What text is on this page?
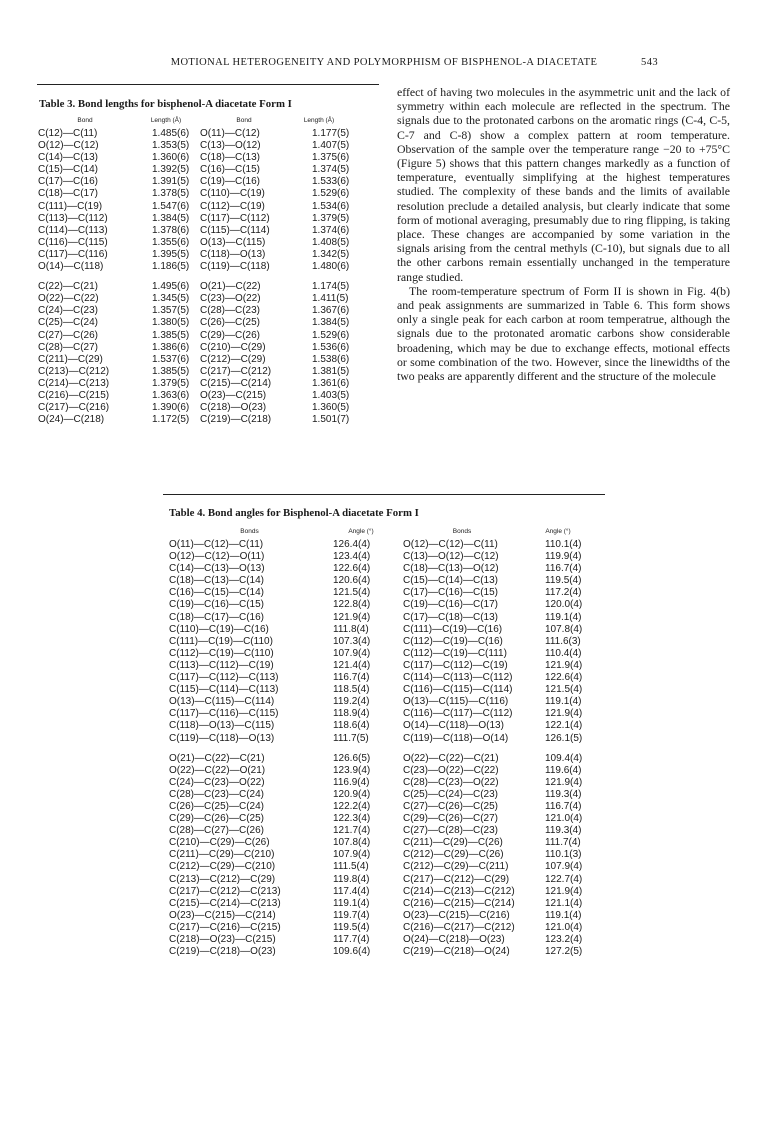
MOTIONAL HETEROGENEITY AND POLYMORPHISM OF BISPHENOL-A DIACETATE	543
Table 3. Bond lengths for bisphenol-A diacetate Form I
Bond	Length (Å)	Bond	Length (Å)
C(12)—C(11)	1.485(6)	O(11)—C(12)	1.177(5)
O(12)—C(12)	1.353(5)	C(13)—O(12)	1.407(5)
C(14)—C(13)	1.360(6)	C(18)—C(13)	1.375(6)
C(15)—C(14)	1.392(5)	C(16)—C(15)	1.374(5)
C(17)—C(16)	1.391(5)	C(19)—C(16)	1.533(6)
C(18)—C(17)	1.378(5)	C(110)—C(19)	1.529(6)
C(111)—C(19)	1.547(6)	C(112)—C(19)	1.534(6)
C(113)—C(112)	1.384(5)	C(117)—C(112)	1.379(5)
C(114)—C(113)	1.378(6)	C(115)—C(114)	1.374(6)
C(116)—C(115)	1.355(6)	O(13)—C(115)	1.408(5)
C(117)—C(116)	1.395(5)	C(118)—O(13)	1.342(5)
O(14)—C(118)	1.186(5)	C(119)—C(118)	1.480(6)
C(22)—C(21)	1.495(6)	O(21)—C(22)	1.174(5)
O(22)—C(22)	1.345(5)	C(23)—O(22)	1.411(5)
C(24)—C(23)	1.357(5)	C(28)—C(23)	1.367(6)
C(25)—C(24)	1.380(5)	C(26)—C(25)	1.384(5)
C(27)—C(26)	1.385(5)	C(29)—C(26)	1.529(6)
C(28)—C(27)	1.386(6)	C(210)—C(29)	1.536(6)
C(211)—C(29)	1.537(6)	C(212)—C(29)	1.538(6)
C(213)—C(212)	1.385(5)	C(217)—C(212)	1.381(5)
C(214)—C(213)	1.379(5)	C(215)—C(214)	1.361(6)
C(216)—C(215)	1.363(6)	O(23)—C(215)	1.403(5)
C(217)—C(216)	1.390(6)	C(218)—O(23)	1.360(5)
O(24)—C(218)	1.172(5)	C(219)—C(218)	1.501(7)

effect of having two molecules in the asymmetric unit and the lack of symmetry within each molecule are reflected in the spectrum. The signals due to the protonated carbons on the aromatic rings (C-4, C-5, C-7 and C-8) show a complex pattern at room temperature. Observation of the sample over the temperature range −20 to +75°C (Figure 5) shows that this pattern changes markedly as a function of temperature, eventually simplifying at the highest temperatures studied. The complexity of these bands and the limits of available resolution preclude a detailed analysis, but clearly indicate that some form of motional averaging, presumably due to ring flipping, is taking place. These changes are accompanied by some variation in the signals arising from the central methyls (C-10), but signals due to all the other carbons remain essentially unchanged in the temperature range studied.

The room-temperature spectrum of Form II is shown in Fig. 4(b) and peak assignments are summarized in Table 6. This form shows only a single peak for each carbon at room temperatrue, although the signals due to the protonated aromatic carbons show considerable broadening, which may be due to exchange effects, motional effects or some combination of the two. However, since the linewidths of the two peaks are apparently different and the structure of the molecule

Table 4. Bond angles for Bisphenol-A diacetate Form I
Bonds	Angle (°)	Bonds	Angle (°)
O(11)—C(12)—C(11)	126.4(4)	O(12)—C(12)—C(11)	110.1(4)
O(12)—C(12)—O(11)	123.4(4)	C(13)—O(12)—C(12)	119.9(4)
C(14)—C(13)—O(13)	122.6(4)	C(18)—C(13)—O(12)	116.7(4)
C(18)—C(13)—C(14)	120.6(4)	C(15)—C(14)—C(13)	119.5(4)
C(16)—C(15)—C(14)	121.5(4)	C(17)—C(16)—C(15)	117.2(4)
C(19)—C(16)—C(15)	122.8(4)	C(19)—C(16)—C(17)	120.0(4)
C(18)—C(17)—C(16)	121.9(4)	C(17)—C(18)—C(13)	119.1(4)
C(110)—C(19)—C(16)	111.8(4)	C(111)—C(19)—C(16)	107.8(4)
C(111)—C(19)—C(110)	107.3(4)	C(112)—C(19)—C(16)	111.6(3)
C(112)—C(19)—C(110)	107.9(4)	C(112)—C(19)—C(111)	110.4(4)
C(113)—C(112)—C(19)	121.4(4)	C(117)—C(112)—C(19)	121.9(4)
C(117)—C(112)—C(113)	116.7(4)	C(114)—C(113)—C(112)	122.6(4)
C(115)—C(114)—C(113)	118.5(4)	C(116)—C(115)—C(114)	121.5(4)
O(13)—C(115)—C(114)	119.2(4)	O(13)—C(115)—C(116)	119.1(4)
C(117)—C(116)—C(115)	118.9(4)	C(116)—C(117)—C(112)	121.9(4)
C(118)—O(13)—C(115)	118.6(4)	O(14)—C(118)—O(13)	122.1(4)
C(119)—C(118)—O(13)	111.7(5)	C(119)—C(118)—O(14)	126.1(5)
O(21)—C(22)—C(21)	126.6(5)	O(22)—C(22)—C(21)	109.4(4)
O(22)—C(22)—O(21)	123.9(4)	C(23)—O(22)—C(22)	119.6(4)
C(24)—C(23)—O(22)	116.9(4)	C(28)—C(23)—O(22)	121.9(4)
C(28)—C(23)—C(24)	120.9(4)	C(25)—C(24)—C(23)	119.3(4)
C(26)—C(25)—C(24)	122.2(4)	C(27)—C(26)—C(25)	116.7(4)
C(29)—C(26)—C(25)	122.3(4)	C(29)—C(26)—C(27)	121.0(4)
C(28)—C(27)—C(26)	121.7(4)	C(27)—C(28)—C(23)	119.3(4)
C(210)—C(29)—C(26)	107.8(4)	C(211)—C(29)—C(26)	111.7(4)
C(211)—C(29)—C(210)	107.9(4)	C(212)—C(29)—C(26)	110.1(3)
C(212)—C(29)—C(210)	111.5(4)	C(212)—C(29)—C(211)	107.9(4)
C(213)—C(212)—C(29)	119.8(4)	C(217)—C(212)—C(29)	122.7(4)
C(217)—C(212)—C(213)	117.4(4)	C(214)—C(213)—C(212)	121.9(4)
C(215)—C(214)—C(213)	119.1(4)	C(216)—C(215)—C(214)	121.1(4)
O(23)—C(215)—C(214)	119.7(4)	O(23)—C(215)—C(216)	119.1(4)
C(217)—C(216)—C(215)	119.5(4)	C(216)—C(217)—C(212)	121.0(4)
C(218)—O(23)—C(215)	117.7(4)	O(24)—C(218)—O(23)	123.2(4)
C(219)—C(218)—O(23)	109.6(4)	C(219)—C(218)—O(24)	127.2(5)
